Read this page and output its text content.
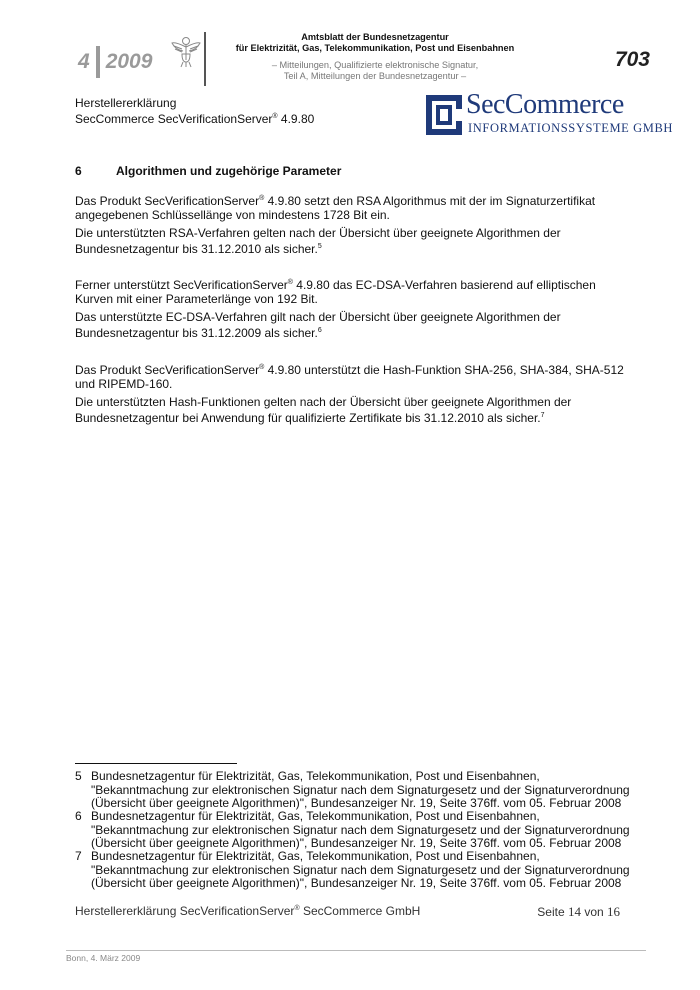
4 2009
Amtsblatt der Bundesnetzagentur
für Elektrizität, Gas, Telekommunikation, Post und Eisenbahnen
– Mitteilungen, Qualifizierte elektronische Signatur,
Teil A, Mitteilungen der Bundesnetzagentur –
703
Herstellererklärung
SecCommerce SecVerificationServer® 4.9.80	SecCommerce
INFORMATIONSSYSTEME GMBH
6	Algorithmen und zugehörige Parameter
Das Produkt SecVerificationServer® 4.9.80 setzt den RSA Algorithmus mit der im Signaturzertifikat angegebenen Schlüssellänge von mindestens 1728 Bit ein.
Die unterstützten RSA-Verfahren gelten nach der Übersicht über geeignete Algorithmen der Bundesnetzagentur bis 31.12.2010 als sicher.$^5$
Ferner unterstützt SecVerificationServer® 4.9.80 das EC-DSA-Verfahren basierend auf elliptischen Kurven mit einer Parameterlänge von 192 Bit.
Das unterstützte EC-DSA-Verfahren gilt nach der Übersicht über geeignete Algorithmen der Bundesnetzagentur bis 31.12.2009 als sicher.$^6$
Das Produkt SecVerificationServer® 4.9.80 unterstützt die Hash-Funktion SHA-256, SHA-384, SHA-512 und RIPEMD-160.
Die unterstützten Hash-Funktionen gelten nach der Übersicht über geeignete Algorithmen der Bundesnetzagentur bei Anwendung für qualifizierte Zertifikate bis 31.12.2010 als sicher.$^7$
5 Bundesnetzagentur für Elektrizität, Gas, Telekommunikation, Post und Eisenbahnen, "Bekanntmachung zur elektronischen Signatur nach dem Signaturgesetz und der Signaturverordnung (Übersicht über geeignete Algorithmen)", Bundesanzeiger Nr. 19, Seite 376ff. vom 05. Februar 2008
6 Bundesnetzagentur für Elektrizität, Gas, Telekommunikation, Post und Eisenbahnen, "Bekanntmachung zur elektronischen Signatur nach dem Signaturgesetz und der Signaturverordnung (Übersicht über geeignete Algorithmen)", Bundesanzeiger Nr. 19, Seite 376ff. vom 05. Februar 2008
7 Bundesnetzagentur für Elektrizität, Gas, Telekommunikation, Post und Eisenbahnen, "Bekanntmachung zur elektronischen Signatur nach dem Signaturgesetz und der Signaturverordnung (Übersicht über geeignete Algorithmen)", Bundesanzeiger Nr. 19, Seite 376ff. vom 05. Februar 2008
Herstellererklärung SecVerificationServer® SecCommerce GmbH	Seite 14 von 16
Bonn, 4. März 2009
